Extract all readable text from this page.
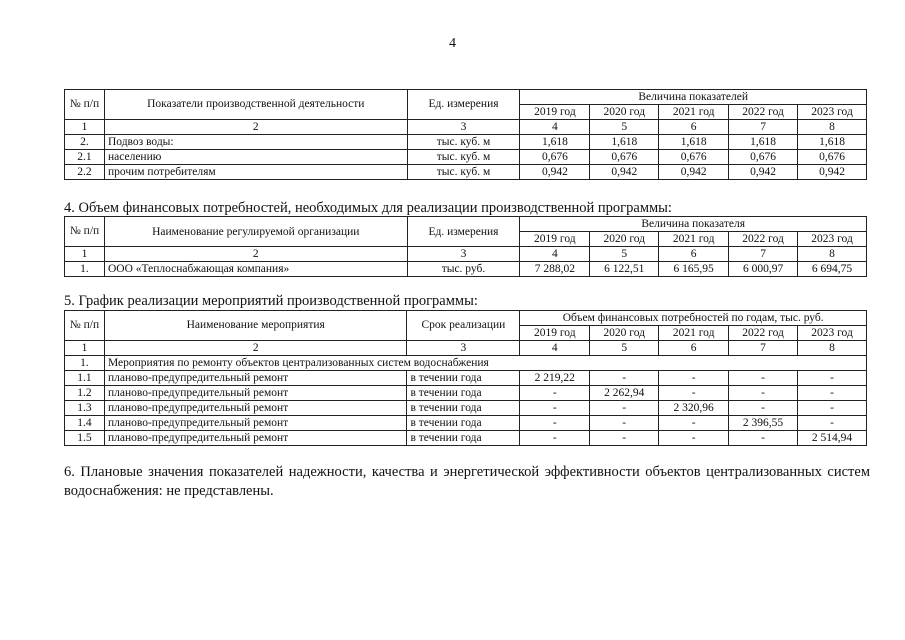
4
№ п/п	Показатели производственной деятельности	Ед. измерения	Величина показателей				
			2019 год	2020 год	2021 год	2022 год	2023 год
1	2	3	4	5	6	7	8
2.	Подвоз воды:	тыс. куб. м	1,618	1,618	1,618	1,618	1,618
2.1	населению	тыс. куб. м	0,676	0,676	0,676	0,676	0,676
2.2	прочим потребителям	тыс. куб. м	0,942	0,942	0,942	0,942	0,942
4. Объем финансовых потребностей, необходимых для реализации производственной программы:
№ п/п	Наименование регулируемой организации	Ед. измерения	Величина показателя				
			2019 год	2020 год	2021 год	2022 год	2023 год
1	2	3	4	5	6	7	8
1.	ООО «Теплоснабжающая компания»	тыс. руб.	7 288,02	6 122,51	6 165,95	6 000,97	6 694,75
5. График реализации мероприятий производственной программы:
№ п/п	Наименование мероприятия	Срок реализации	Объем финансовых потребностей по годам, тыс. руб.				
			2019 год	2020 год	2021 год	2022 год	2023 год
1	2	3	4	5	6	7	8
1.	Мероприятия по ремонту объектов централизованных систем водоснабжения						
1.1	планово-предупредительный ремонт	в течении года	2 219,22	-	-	-	-
1.2	планово-предупредительный ремонт	в течении года	-	2 262,94	-	-	-
1.3	планово-предупредительный ремонт	в течении года	-	-	2 320,96	-	-
1.4	планово-предупредительный ремонт	в течении года	-	-	-	2 396,55	-
1.5	планово-предупредительный ремонт	в течении года	-	-	-	-	2 514,94
6. Плановые значения показателей надежности, качества и энергетической эффективности объектов централизованных систем водоснабжения: не представлены.
